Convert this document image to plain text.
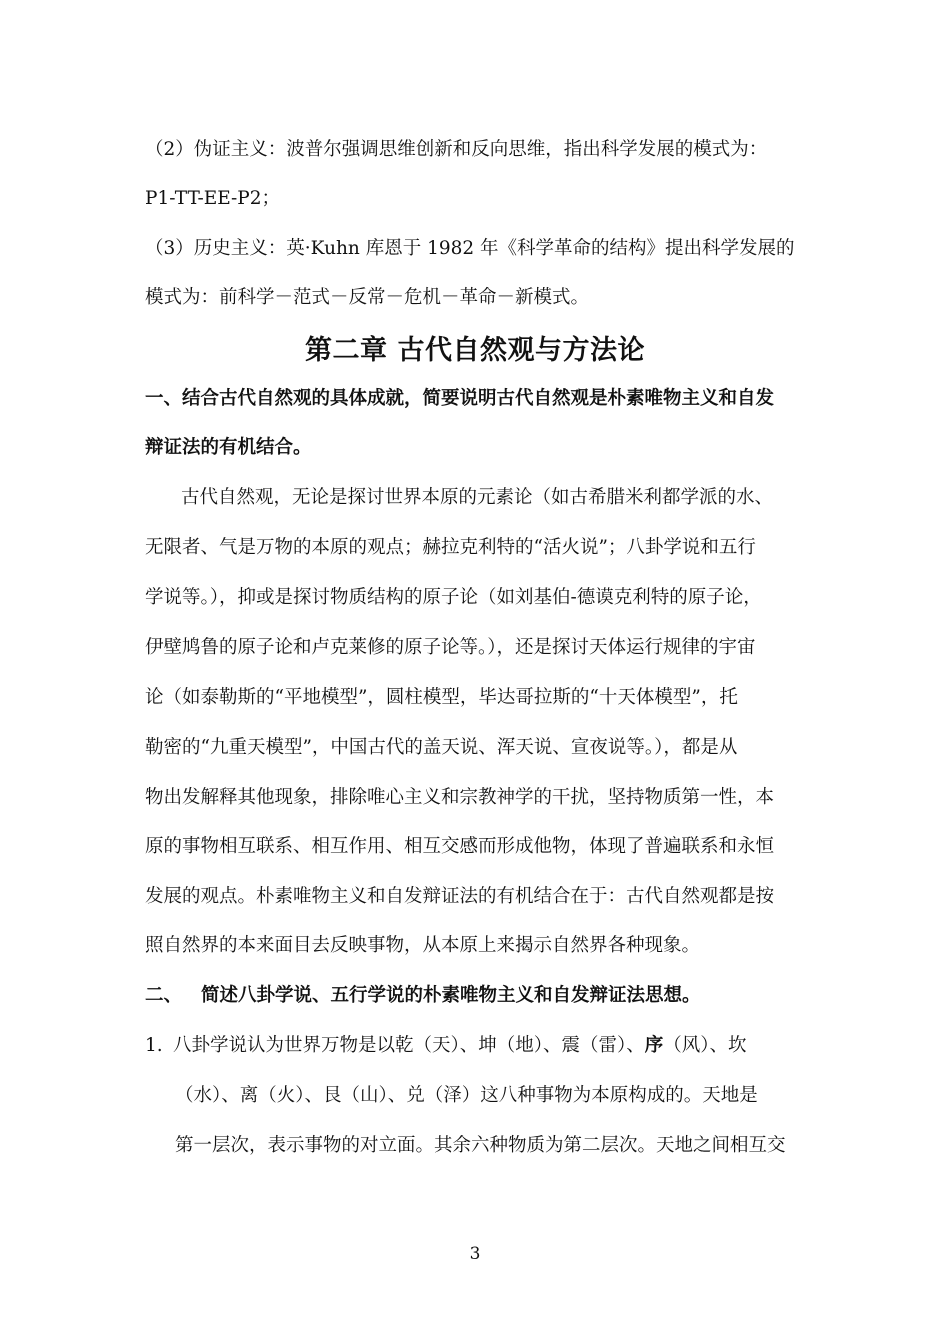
（2）伪证主义：波普尔强调思维创新和反向思维，指出科学发展的模式为：
P1-TT-EE-P2；
（3）历史主义：英·Kuhn 库恩于 1982 年《科学革命的结构》提出科学发展的
模式为：前科学－范式－反常－危机－革命－新模式。
第二章 古代自然观与方法论
一、结合古代自然观的具体成就，简要说明古代自然观是朴素唯物主义和自发
辩证法的有机结合。
古代自然观，无论是探讨世界本原的元素论（如古希腊米利都学派的水、
无限者、气是万物的本原的观点；赫拉克利特的“活火说”；八卦学说和五行
学说等。），抑或是探讨物质结构的原子论（如刘基伯-德谟克利特的原子论，
伊壁鸠鲁的原子论和卢克莱修的原子论等。），还是探讨天体运行规律的宇宙
论（如泰勒斯的“平地模型”，圆柱模型，毕达哥拉斯的“十天体模型”，托
勒密的“九重天模型”，中国古代的盖天说、浑天说、宣夜说等。），都是从
物出发解释其他现象，排除唯心主义和宗教神学的干扰，坚持物质第一性，本
原的事物相互联系、相互作用、相互交感而形成他物，体现了普遍联系和永恒
发展的观点。朴素唯物主义和自发辩证法的有机结合在于：古代自然观都是按
照自然界的本来面目去反映事物，从本原上来揭示自然界各种现象。
二、 简述八卦学说、五行学说的朴素唯物主义和自发辩证法思想。
1. 八卦学说认为世界万物是以乾（天）、坤（地）、震（雷）、序（风）、坎
（水）、离（火）、艮（山）、兑（泽）这八种事物为本原构成的。天地是
第一层次，表示事物的对立面。其余六种物质为第二层次。天地之间相互交
3
